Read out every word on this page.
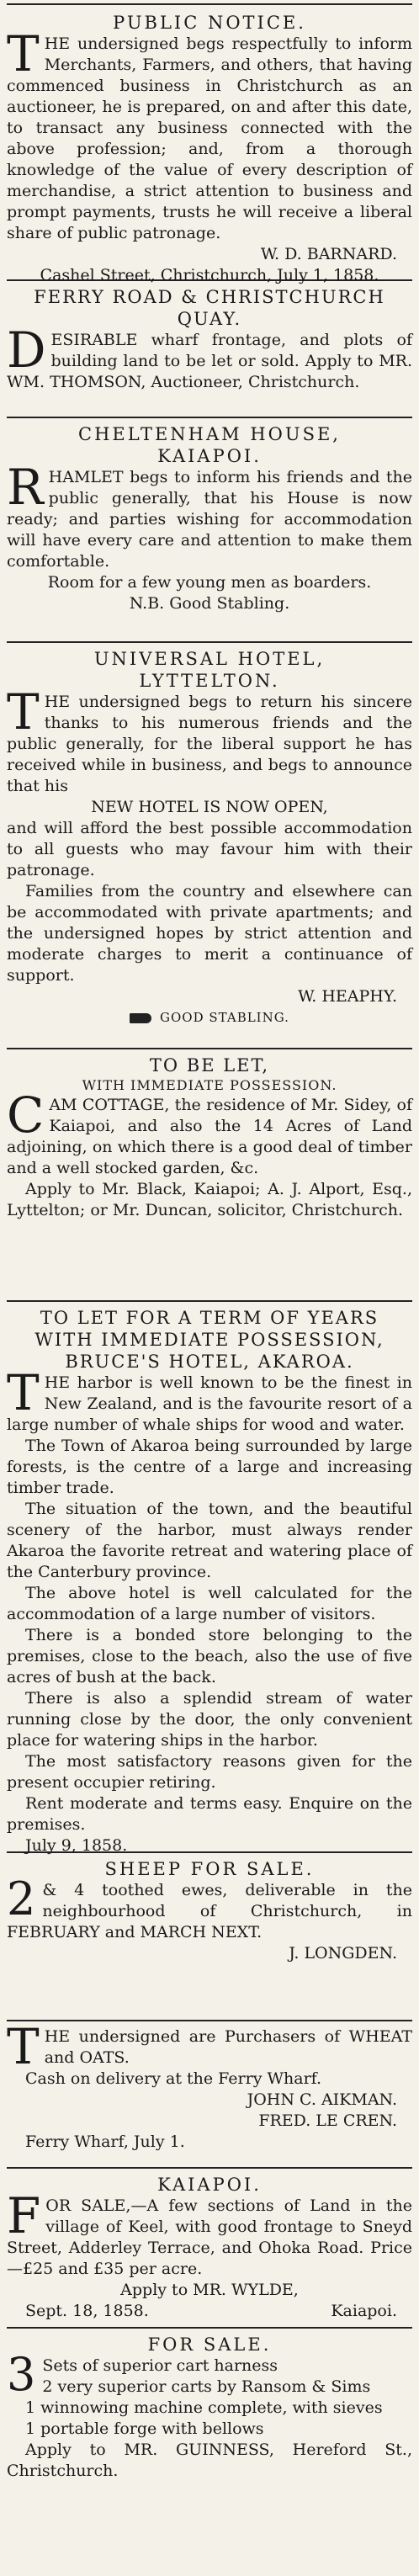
PUBLIC NOTICE.

THE undersigned begs respectfully to inform Merchants, Farmers, and others, that having commenced business in Christchurch as an auctioneer, he is prepared, on and after this date, to transact any business connected with the above profession; and, from a thorough knowledge of the value of every description of merchandise, a strict attention to business and prompt payments, trusts he will receive a liberal share of public patronage.

W. D. BARNARD.
Cashel Street, Christchurch, July 1, 1858.
FERRY ROAD & CHRISTCHURCH QUAY.

DESIRABLE wharf frontage, and plots of building land to be let or sold. Apply to MR. WM. THOMSON, Auctioneer, Christchurch.

CHELTENHAM HOUSE,
KAIAPOI.

RHAMLET begs to inform his friends and the public generally, that his House is now ready; and parties wishing for accommodation will have every care and attention to make them comfortable.

Room for a few young men as boarders.
N.B. Good Stabling.
UNIVERSAL HOTEL,
LYTTELTON.

THE undersigned begs to return his sincere thanks to his numerous friends and the public generally, for the liberal support he has received while in business, and begs to announce that his

NEW HOTEL IS NOW OPEN,

and will afford the best possible accommodation to all guests who may favour him with their patronage.

Families from the country and elsewhere can be accommodated with private apartments; and the undersigned hopes by strict attention and moderate charges to merit a continuance of support.

W. HEAPHY.
GOOD STABLING.
TO BE LET,
WITH IMMEDIATE POSSESSION.

CAM COTTAGE, the residence of Mr. Sidey, of Kaiapoi, and also the 14 Acres of Land adjoining, on which there is a good deal of timber and a well stocked garden, &c.

Apply to Mr. Black, Kaiapoi; A. J. Alport, Esq., Lyttelton; or Mr. Duncan, solicitor, Christchurch.

TO LET FOR A TERM OF YEARS
WITH IMMEDIATE POSSESSION,
BRUCE'S HOTEL, AKAROA.

THE harbor is well known to be the finest in New Zealand, and is the favourite resort of a large number of whale ships for wood and water.

The Town of Akaroa being surrounded by large forests, is the centre of a large and increasing timber trade.

The situation of the town, and the beautiful scenery of the harbor, must always render Akaroa the favorite retreat and watering place of the Canterbury province.

The above hotel is well calculated for the accommodation of a large number of visitors.

There is a bonded store belonging to the premises, close to the beach, also the use of five acres of bush at the back.

There is also a splendid stream of water running close by the door, the only convenient place for watering ships in the harbor.

The most satisfactory reasons given for the present occupier retiring.

Rent moderate and terms easy. Enquire on the premises.

July 9, 1858.

SHEEP FOR SALE.

2 & 4 toothed ewes, deliverable in the neighbourhood of Christchurch, in FEBRUARY and MARCH NEXT.

J. LONGDEN.

THE undersigned are Purchasers of WHEAT and OATS.

Cash on delivery at the Ferry Wharf.

JOHN C. AIKMAN.
FRED. LE CREN.

Ferry Wharf, July 1.

KAIAPOI.

FOR SALE,—A few sections of Land in the village of Keel, with good frontage to Sneyd Street, Adderley Terrace, and Ohoka Road. Price—£25 and £35 per acre.

Apply to MR. WYLDE,
Sept. 18, 1858.	Kaiapoi.
FOR SALE.

3 Sets of superior cart harness
2 very superior carts by Ransom & Sims

1 winnowing machine complete, with sieves

1 portable forge with bellows

Apply to MR. GUINNESS, Hereford St., Christchurch.
